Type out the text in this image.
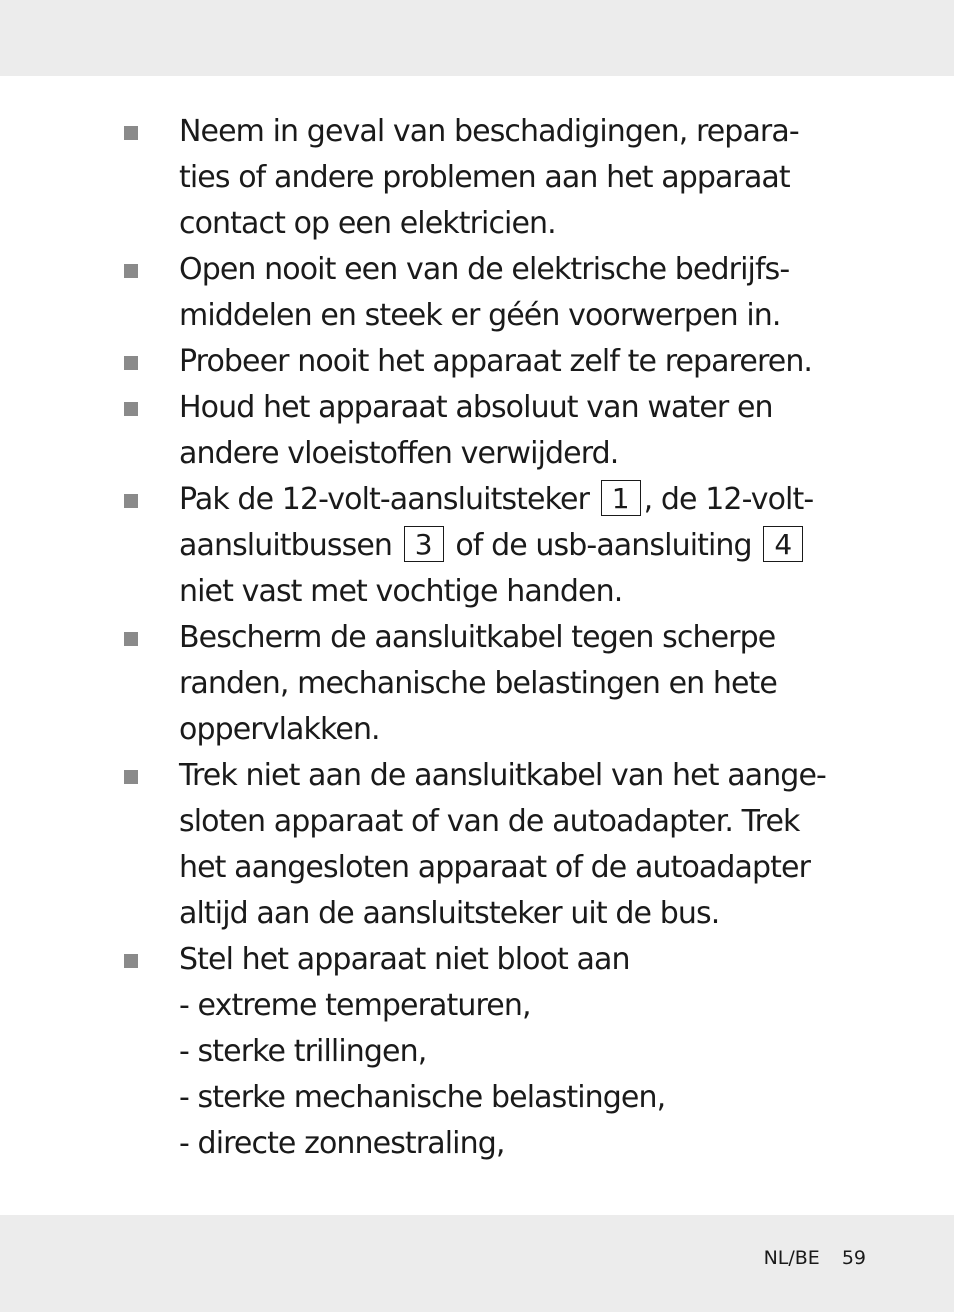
Neem in geval van beschadigingen, repara-
ties of andere problemen aan het apparaat
contact op een elektricien.
Open nooit een van de elektrische bedrijfs-
middelen en steek er géén voorwerpen in.
Probeer nooit het apparaat zelf te repareren.
Houd het apparaat absoluut van water en
andere vloeistoffen verwijderd.
Pak de 12-volt-aansluitsteker 1 , de 12-volt-
aansluitbussen 3 of de usb-aansluiting 4
niet vast met vochtige handen.
Bescherm de aansluitkabel tegen scherpe
randen, mechanische belastingen en hete
oppervlakken.
Trek niet aan de aansluitkabel van het aange-
sloten apparaat of van de autoadapter. Trek
het aangesloten apparaat of de autoadapter
altijd aan de aansluitsteker uit de bus.
Stel het apparaat niet bloot aan
- extreme temperaturen,
- sterke trillingen,
- sterke mechanische belastingen,
- directe zonnestraling,
NL/BE 59
